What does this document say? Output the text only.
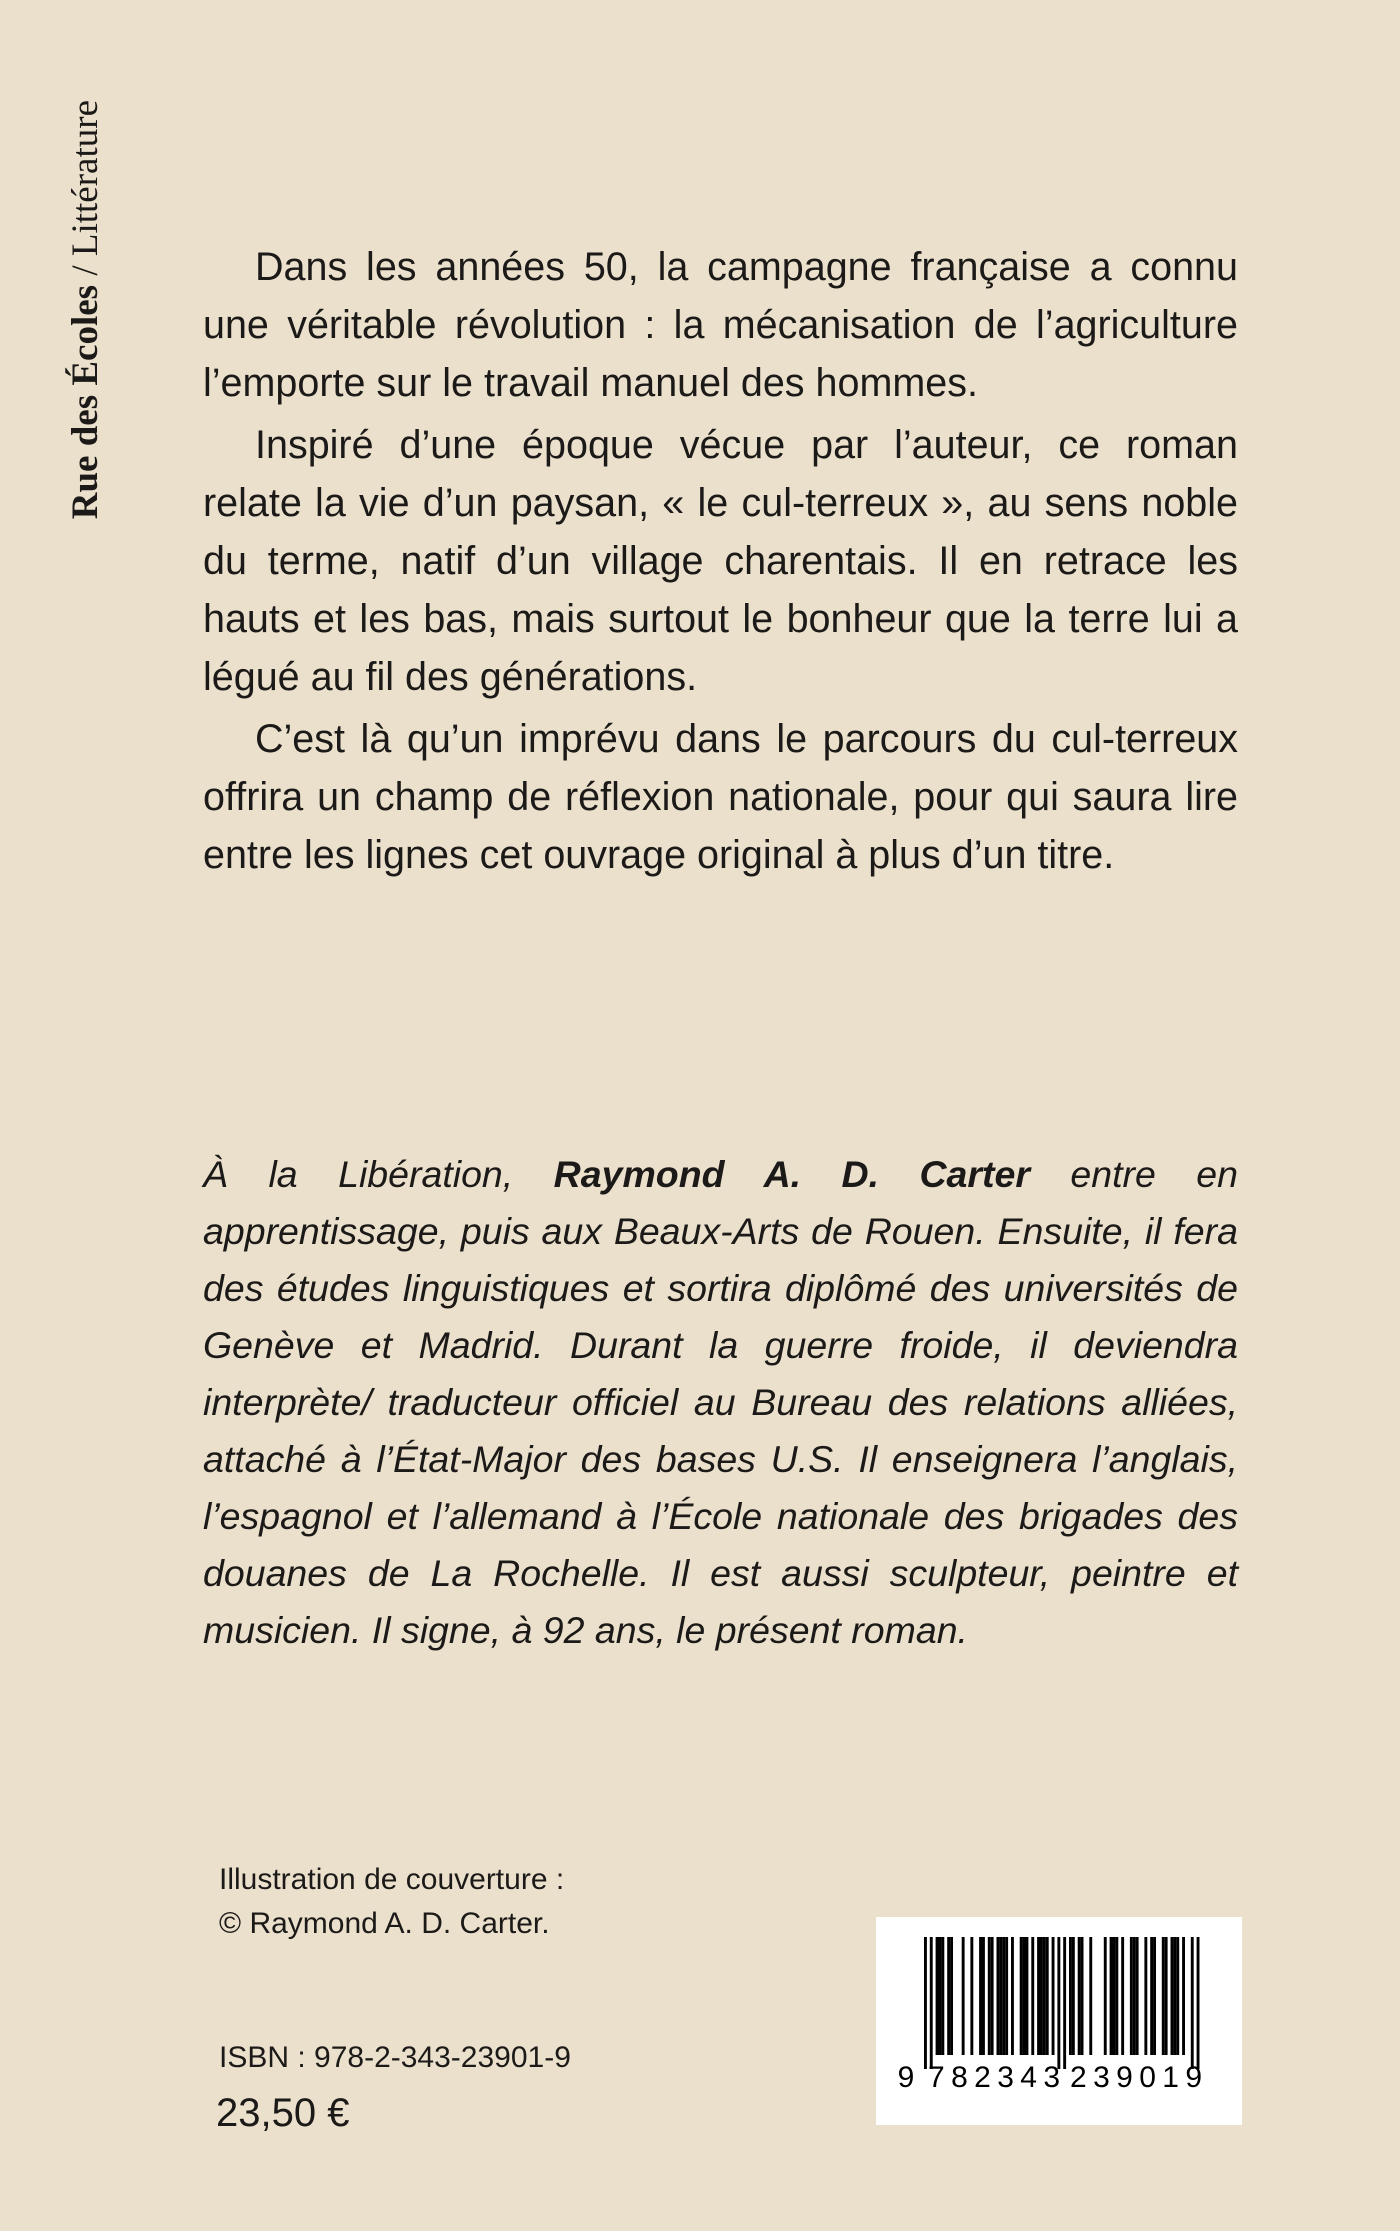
Rue des Écoles / Littérature

Dans les années 50, la campagne française a connu une véritable révolution : la mécanisation de l’agriculture l’emporte sur le travail manuel des hommes.

Inspiré d’une époque vécue par l’auteur, ce roman relate la vie d’un paysan, « le cul-terreux », au sens noble du terme, natif d’un village charentais. Il en retrace les hauts et les bas, mais surtout le bonheur que la terre lui a légué au fil des générations.

C’est là qu’un imprévu dans le parcours du cul-terreux offrira un champ de réflexion nationale, pour qui saura lire entre les lignes cet ouvrage original à plus d’un titre.

À la Libération, Raymond A. D. Carter entre en apprentissage, puis aux Beaux-Arts de Rouen. Ensuite, il fera des études linguistiques et sortira diplômé des universités de Genève et Madrid. Durant la guerre froide, il deviendra interprète/ traducteur officiel au Bureau des relations alliées, attaché à l’État-Major des bases U.S. Il enseignera l’anglais, l’espagnol et l’allemand à l’École nationale des brigades des douanes de La Rochelle. Il est aussi sculpteur, peintre et musicien. Il signe, à 92 ans, le présent roman.
Illustration de couverture :
© Raymond A. D. Carter.
ISBN : 978-2-343-23901-9
23,50 €
9 782343 239019
